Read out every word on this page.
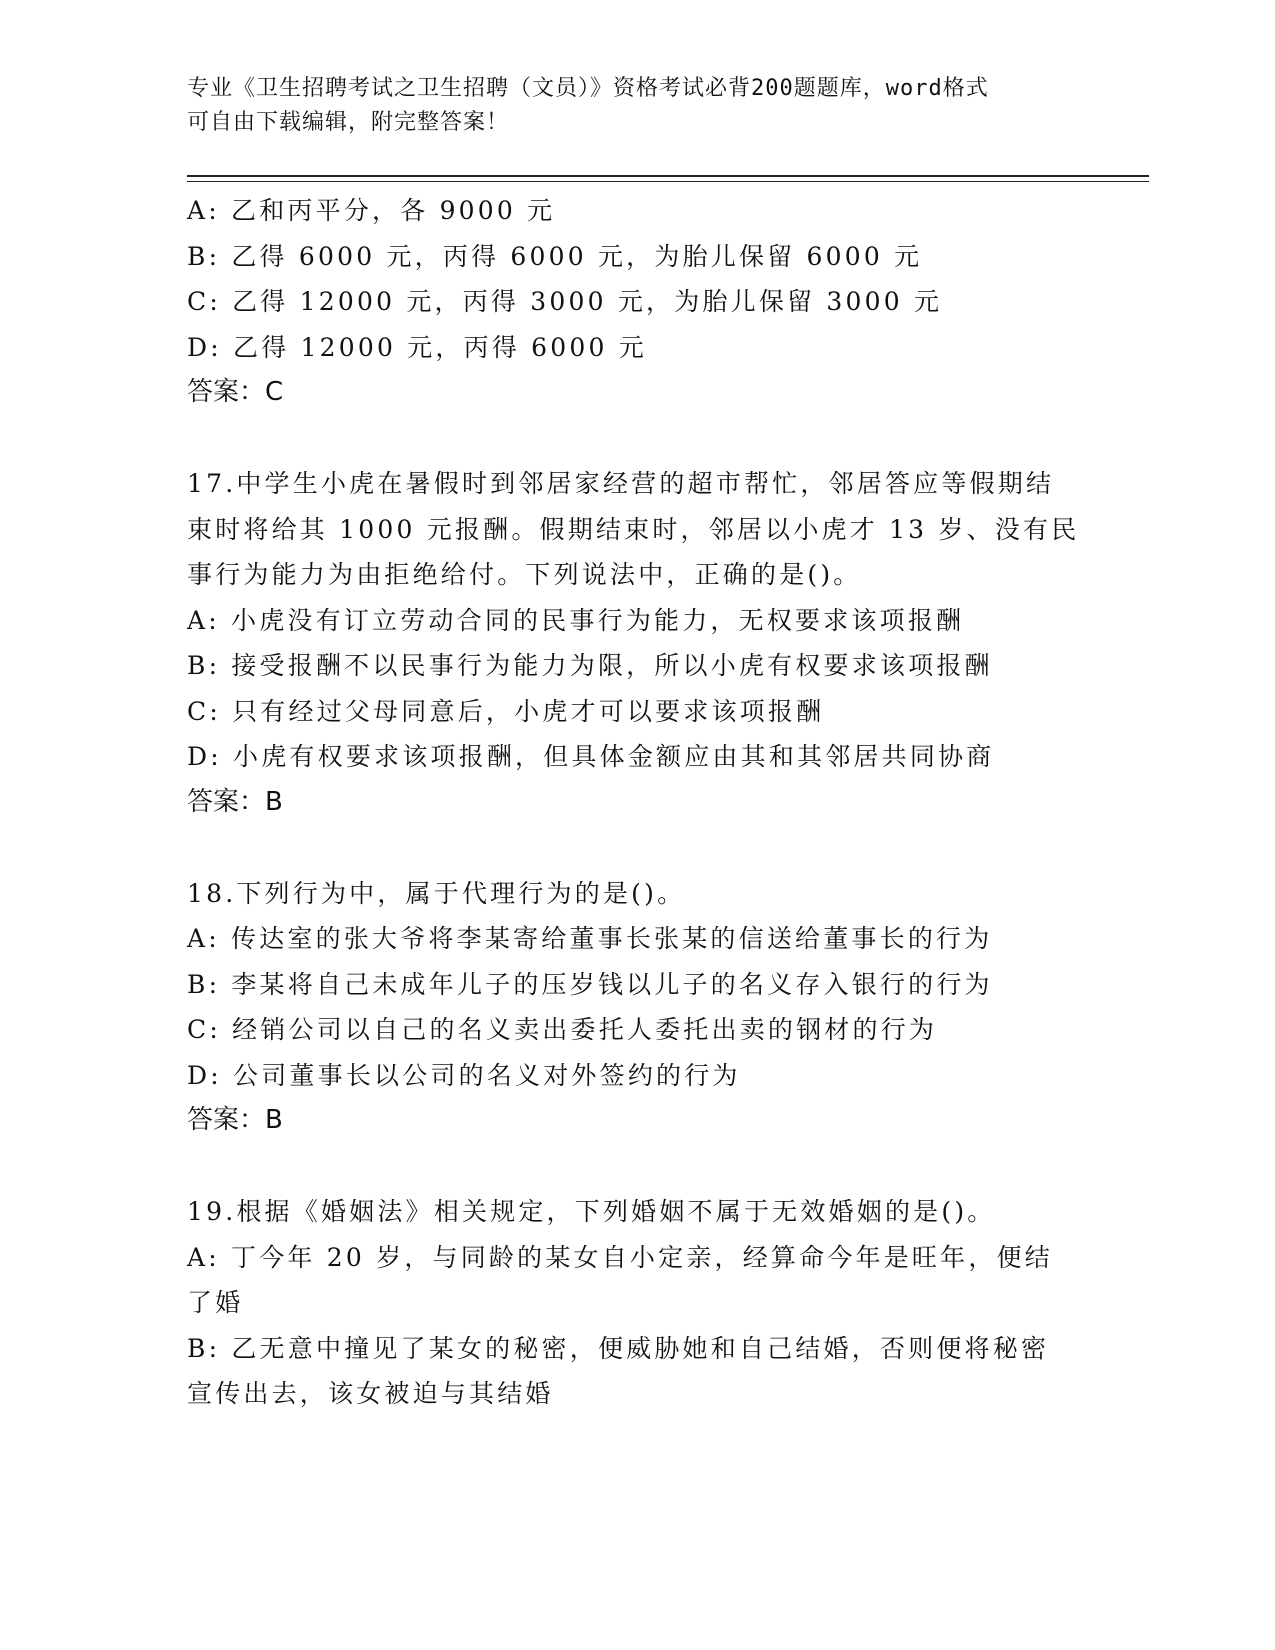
专业《卫生招聘考试之卫生招聘（文员）》资格考试必背200题题库，word格式
可自由下载编辑，附完整答案！
A: 乙和丙平分，各 9000 元
B: 乙得 6000 元，丙得 6000 元，为胎儿保留 6000 元
C: 乙得 12000 元，丙得 3000 元，为胎儿保留 3000 元
D: 乙得 12000 元，丙得 6000 元
答案：C
17.中学生小虎在暑假时到邻居家经营的超市帮忙，邻居答应等假期结
束时将给其 1000 元报酬。假期结束时，邻居以小虎才 13 岁、没有民
事行为能力为由拒绝给付。下列说法中，正确的是()。
A: 小虎没有订立劳动合同的民事行为能力，无权要求该项报酬
B: 接受报酬不以民事行为能力为限，所以小虎有权要求该项报酬
C: 只有经过父母同意后，小虎才可以要求该项报酬
D: 小虎有权要求该项报酬，但具体金额应由其和其邻居共同协商
答案：B
18.下列行为中，属于代理行为的是()。
A: 传达室的张大爷将李某寄给董事长张某的信送给董事长的行为
B: 李某将自己未成年儿子的压岁钱以儿子的名义存入银行的行为
C: 经销公司以自己的名义卖出委托人委托出卖的钢材的行为
D: 公司董事长以公司的名义对外签约的行为
答案：B
19.根据《婚姻法》相关规定，下列婚姻不属于无效婚姻的是()。
A: 丁今年 20 岁，与同龄的某女自小定亲，经算命今年是旺年，便结
了婚
B: 乙无意中撞见了某女的秘密，便威胁她和自己结婚，否则便将秘密
宣传出去，该女被迫与其结婚
